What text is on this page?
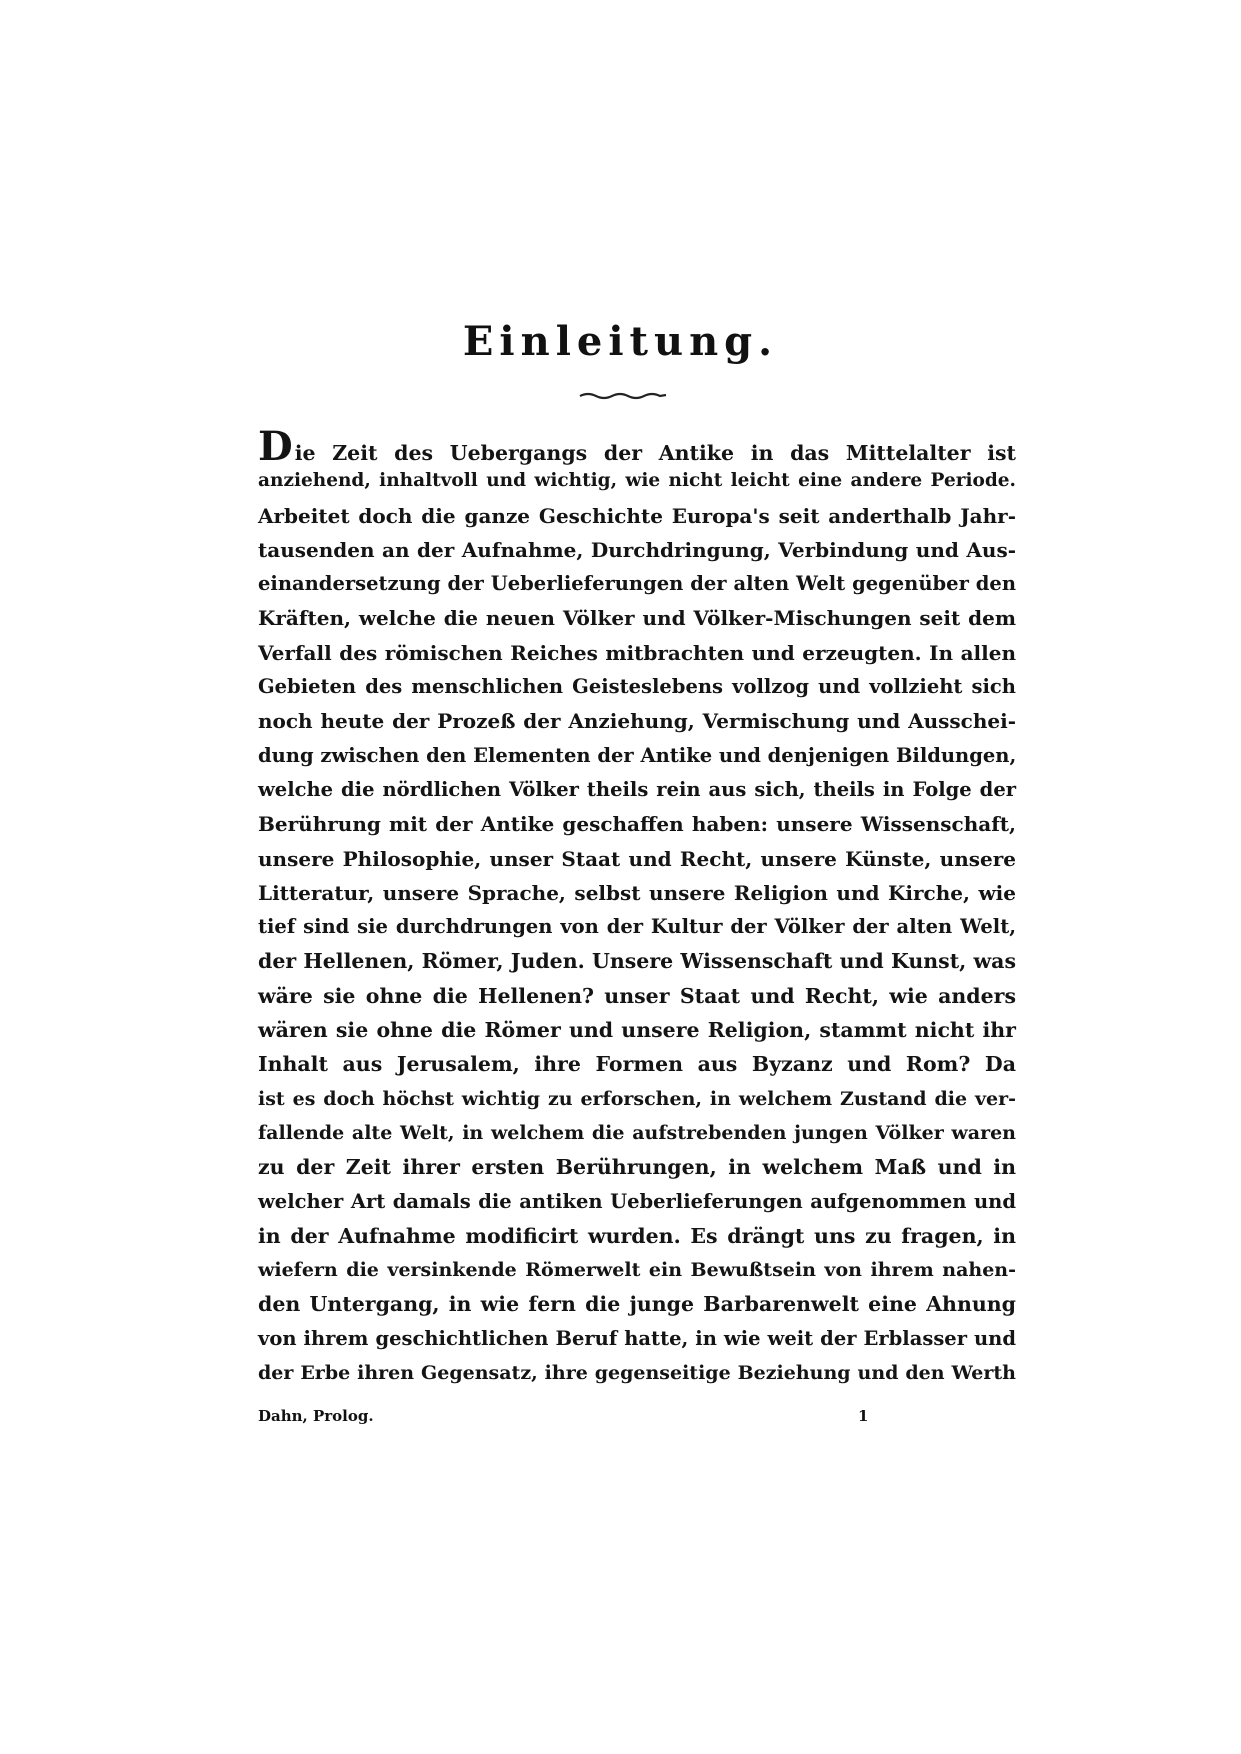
Einleitung.
Die Zeit des Uebergangs der Antike in das Mittelalter ist
anziehend, inhaltvoll und wichtig, wie nicht leicht eine andere Periode.
Arbeitet doch die ganze Geschichte Europa's seit anderthalb Jahr-
tausenden an der Aufnahme, Durchdringung, Verbindung und Aus-
einandersetzung der Ueberlieferungen der alten Welt gegenüber den
Kräften, welche die neuen Völker und Völker-Mischungen seit dem
Verfall des römischen Reiches mitbrachten und erzeugten. In allen
Gebieten des menschlichen Geisteslebens vollzog und vollzieht sich
noch heute der Prozeß der Anziehung, Vermischung und Ausschei-
dung zwischen den Elementen der Antike und denjenigen Bildungen,
welche die nördlichen Völker theils rein aus sich, theils in Folge der
Berührung mit der Antike geschaffen haben: unsere Wissenschaft,
unsere Philosophie, unser Staat und Recht, unsere Künste, unsere
Litteratur, unsere Sprache, selbst unsere Religion und Kirche, wie
tief sind sie durchdrungen von der Kultur der Völker der alten Welt,
der Hellenen, Römer, Juden. Unsere Wissenschaft und Kunst, was
wäre sie ohne die Hellenen? unser Staat und Recht, wie anders
wären sie ohne die Römer und unsere Religion, stammt nicht ihr
Inhalt aus Jerusalem, ihre Formen aus Byzanz und Rom? Da
ist es doch höchst wichtig zu erforschen, in welchem Zustand die ver-
fallende alte Welt, in welchem die aufstrebenden jungen Völker waren
zu der Zeit ihrer ersten Berührungen, in welchem Maß und in
welcher Art damals die antiken Ueberlieferungen aufgenommen und
in der Aufnahme modificirt wurden. Es drängt uns zu fragen, in
wiefern die versinkende Römerwelt ein Bewußtsein von ihrem nahen-
den Untergang, in wie fern die junge Barbarenwelt eine Ahnung
von ihrem geschichtlichen Beruf hatte, in wie weit der Erblasser und
der Erbe ihren Gegensatz, ihre gegenseitige Beziehung und den Werth
Dahn, Prolog.	1
